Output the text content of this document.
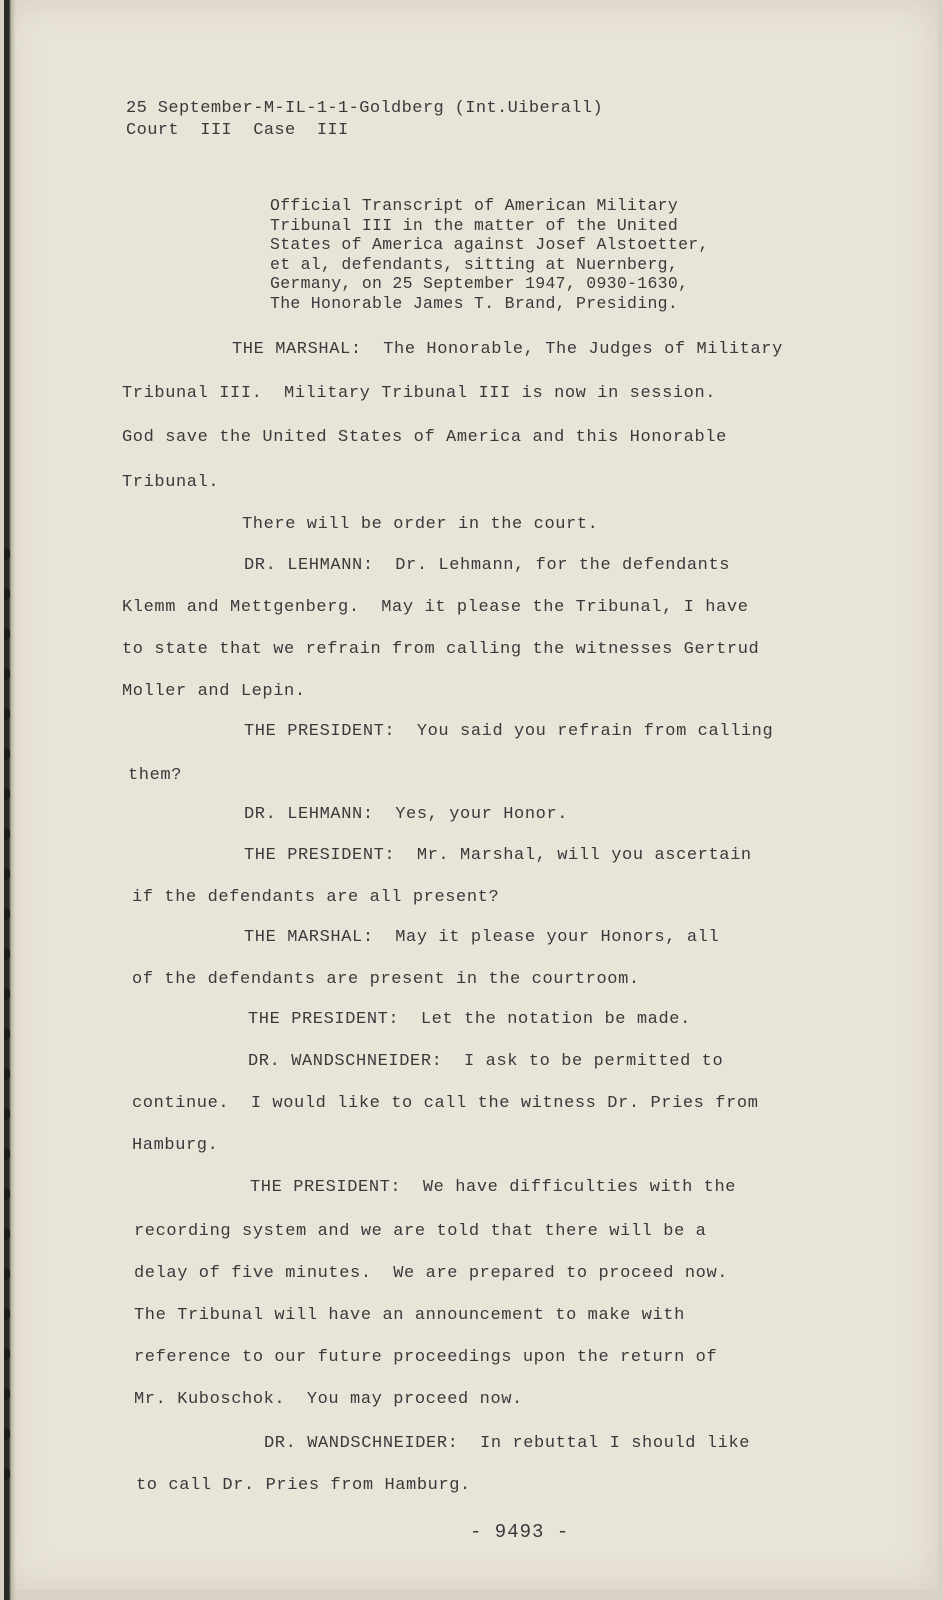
25 September-M-IL-1-1-Goldberg (Int.Uiberall)
Court  III  Case  III
Official Transcript of American Military
Tribunal III in the matter of the United
States of America against Josef Alstoetter,
et al, defendants, sitting at Nuernberg,
Germany, on 25 September 1947, 0930-1630,
The Honorable James T. Brand, Presiding.
THE MARSHAL:  The Honorable, The Judges of Military
Tribunal III.  Military Tribunal III is now in session.
God save the United States of America and this Honorable
Tribunal.
There will be order in the court.
DR. LEHMANN:  Dr. Lehmann, for the defendants
Klemm and Mettgenberg.  May it please the Tribunal, I have
to state that we refrain from calling the witnesses Gertrud
Moller and Lepin.
THE PRESIDENT:  You said you refrain from calling
them?
DR. LEHMANN:  Yes, your Honor.
THE PRESIDENT:  Mr. Marshal, will you ascertain
if the defendants are all present?
THE MARSHAL:  May it please your Honors, all
of the defendants are present in the courtroom.
THE PRESIDENT:  Let the notation be made.
DR. WANDSCHNEIDER:  I ask to be permitted to
continue.  I would like to call the witness Dr. Pries from
Hamburg.
THE PRESIDENT:  We have difficulties with the
recording system and we are told that there will be a
delay of five minutes.  We are prepared to proceed now.
The Tribunal will have an announcement to make with
reference to our future proceedings upon the return of
Mr. Kuboschok.  You may proceed now.
DR. WANDSCHNEIDER:  In rebuttal I should like
to call Dr. Pries from Hamburg.
- 9493 -
